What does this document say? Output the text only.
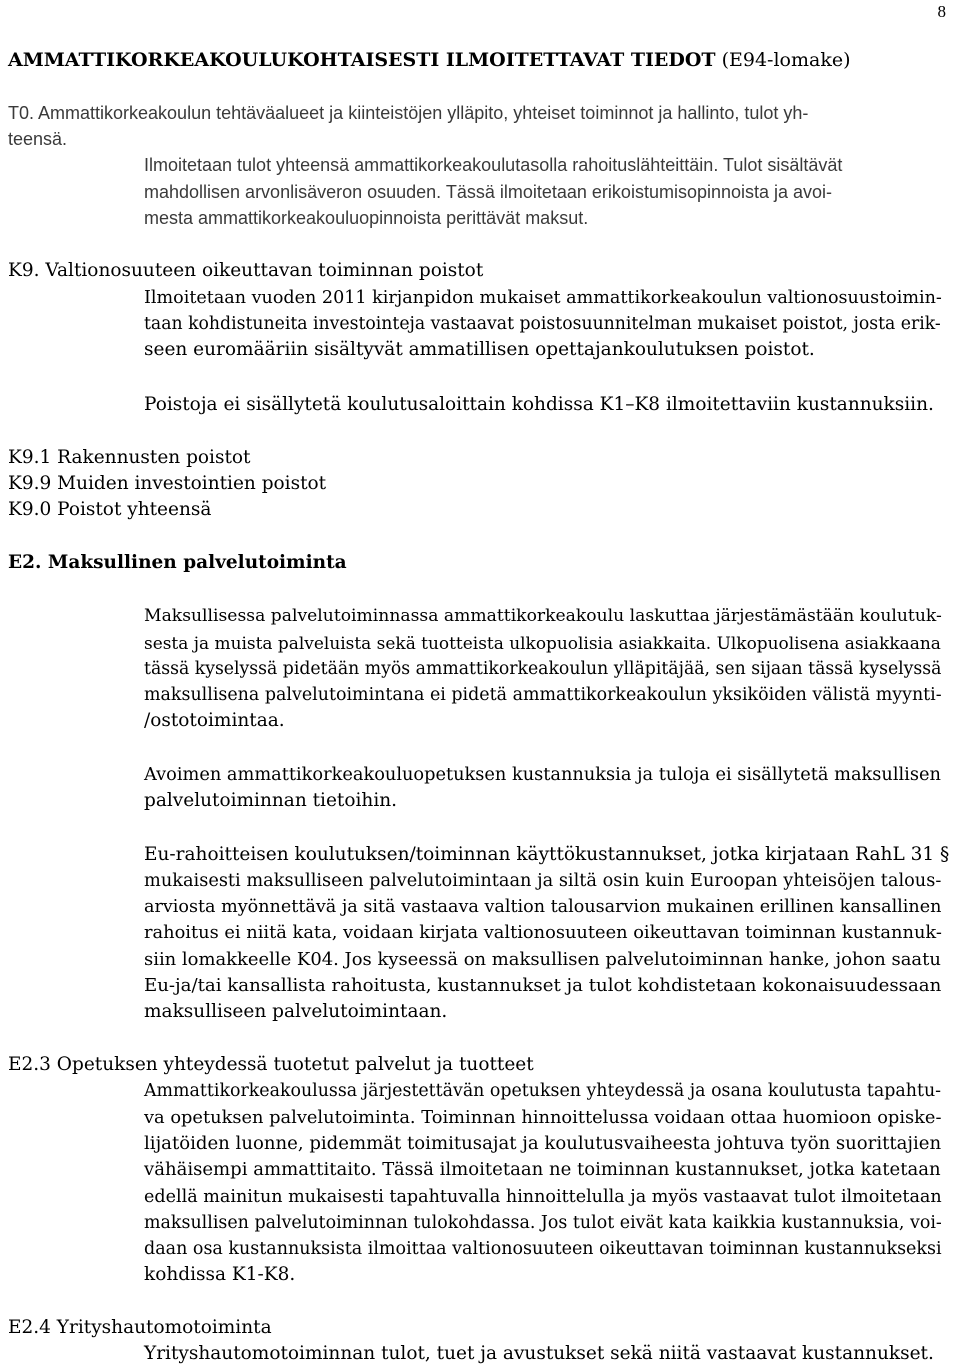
8
AMMATTIKORKEAKOULUKOHTAISESTI ILMOITETTAVAT TIEDOT (E94-lomake)
T0. Ammattikorkeakoulun tehtäväalueet ja kiinteistöjen ylläpito, yhteiset toiminnot ja hallinto, tulot yh-
teensä.
Ilmoitetaan tulot yhteensä ammattikorkeakoulutasolla rahoituslähteittäin. Tulot sisältävät
mahdollisen arvonlisäveron osuuden. Tässä ilmoitetaan erikoistumisopinnoista ja avoi-
mesta ammattikorkeakouluopinnoista perittävät maksut.
K9. Valtionosuuteen oikeuttavan toiminnan poistot
Ilmoitetaan vuoden 2011 kirjanpidon mukaiset ammattikorkeakoulun valtionosuustoimin-
taan kohdistuneita investointeja vastaavat poistosuunnitelman mukaiset poistot, josta erik-
seen euromääriin sisältyvät ammatillisen opettajankoulutuksen poistot.
Poistoja ei sisällytetä koulutusaloittain kohdissa K1–K8 ilmoitettaviin kustannuksiin.
K9.1 Rakennusten poistot
K9.9 Muiden investointien poistot
K9.0 Poistot yhteensä
E2. Maksullinen palvelutoiminta
Maksullisessa palvelutoiminnassa ammattikorkeakoulu laskuttaa järjestämästään koulutuk-
sesta ja muista palveluista sekä tuotteista ulkopuolisia asiakkaita. Ulkopuolisena asiakkaana
tässä kyselyssä pidetään myös ammattikorkeakoulun ylläpitäjää, sen sijaan tässä kyselyssä
maksullisena palvelutoimintana ei pidetä ammattikorkeakoulun yksiköiden välistä myynti-
/ostotoimintaa.
Avoimen ammattikorkeakouluopetuksen kustannuksia ja tuloja ei sisällytetä maksullisen
palvelutoiminnan tietoihin.
Eu-rahoitteisen koulutuksen/toiminnan käyttökustannukset, jotka kirjataan RahL 31 §
mukaisesti maksulliseen palvelutoimintaan ja siltä osin kuin Euroopan yhteisöjen talous-
arviosta myönnettävä ja sitä vastaava valtion talousarvion mukainen erillinen kansallinen
rahoitus ei niitä kata, voidaan kirjata valtionosuuteen oikeuttavan toiminnan kustannuk-
siin lomakkeelle K04. Jos kyseessä on maksullisen palvelutoiminnan hanke, johon saatu
Eu-ja/tai kansallista rahoitusta, kustannukset ja tulot kohdistetaan kokonaisuudessaan
maksulliseen palvelutoimintaan.
E2.3 Opetuksen yhteydessä tuotetut palvelut ja tuotteet
Ammattikorkeakoulussa järjestettävän opetuksen yhteydessä ja osana koulutusta tapahtu-
va opetuksen palvelutoiminta. Toiminnan hinnoittelussa voidaan ottaa huomioon opiske-
lijatöiden luonne, pidemmät toimitusajat ja koulutusvaiheesta johtuva työn suorittajien
vähäisempi ammattitaito. Tässä ilmoitetaan ne toiminnan kustannukset, jotka katetaan
edellä mainitun mukaisesti tapahtuvalla hinnoittelulla ja myös vastaavat tulot ilmoitetaan
maksullisen palvelutoiminnan tulokohdassa. Jos tulot eivät kata kaikkia kustannuksia, voi-
daan osa kustannuksista ilmoittaa valtionosuuteen oikeuttavan toiminnan kustannukseksi
kohdissa K1-K8.
E2.4 Yrityshautomotoiminta
Yrityshautomotoiminnan tulot, tuet ja avustukset sekä niitä vastaavat kustannukset.
